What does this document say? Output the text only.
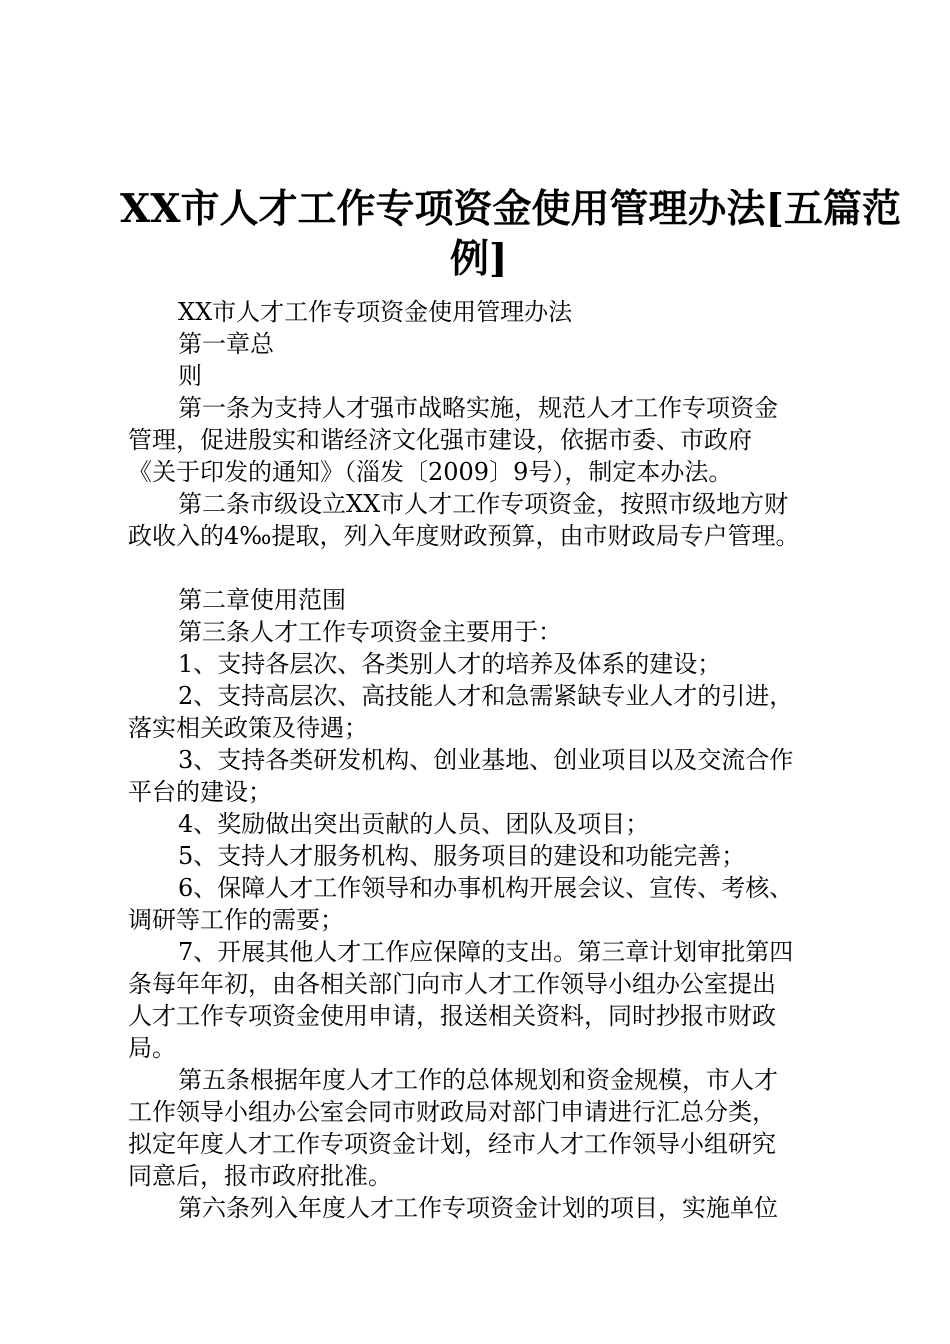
XX市人才工作专项资金使用管理办法[五篇范
例]
XX市人才工作专项资金使用管理办法
第一章总
则
第一条为支持人才强市战略实施，规范人才工作专项资金
管理，促进殷实和谐经济文化强市建设，依据市委、市政府
《关于印发的通知》（淄发〔2009〕9号），制定本办法。
第二条市级设立XX市人才工作专项资金，按照市级地方财
政收入的4‰提取，列入年度财政预算，由市财政局专户管理。
第二章使用范围
第三条人才工作专项资金主要用于：
1、支持各层次、各类别人才的培养及体系的建设；
2、支持高层次、高技能人才和急需紧缺专业人才的引进，
落实相关政策及待遇；
3、支持各类研发机构、创业基地、创业项目以及交流合作
平台的建设；
4、奖励做出突出贡献的人员、团队及项目；
5、支持人才服务机构、服务项目的建设和功能完善；
6、保障人才工作领导和办事机构开展会议、宣传、考核、
调研等工作的需要；
7、开展其他人才工作应保障的支出。第三章计划审批第四
条每年年初，由各相关部门向市人才工作领导小组办公室提出
人才工作专项资金使用申请，报送相关资料，同时抄报市财政
局。
第五条根据年度人才工作的总体规划和资金规模，市人才
工作领导小组办公室会同市财政局对部门申请进行汇总分类，
拟定年度人才工作专项资金计划，经市人才工作领导小组研究
同意后，报市政府批准。
第六条列入年度人才工作专项资金计划的项目，实施单位
